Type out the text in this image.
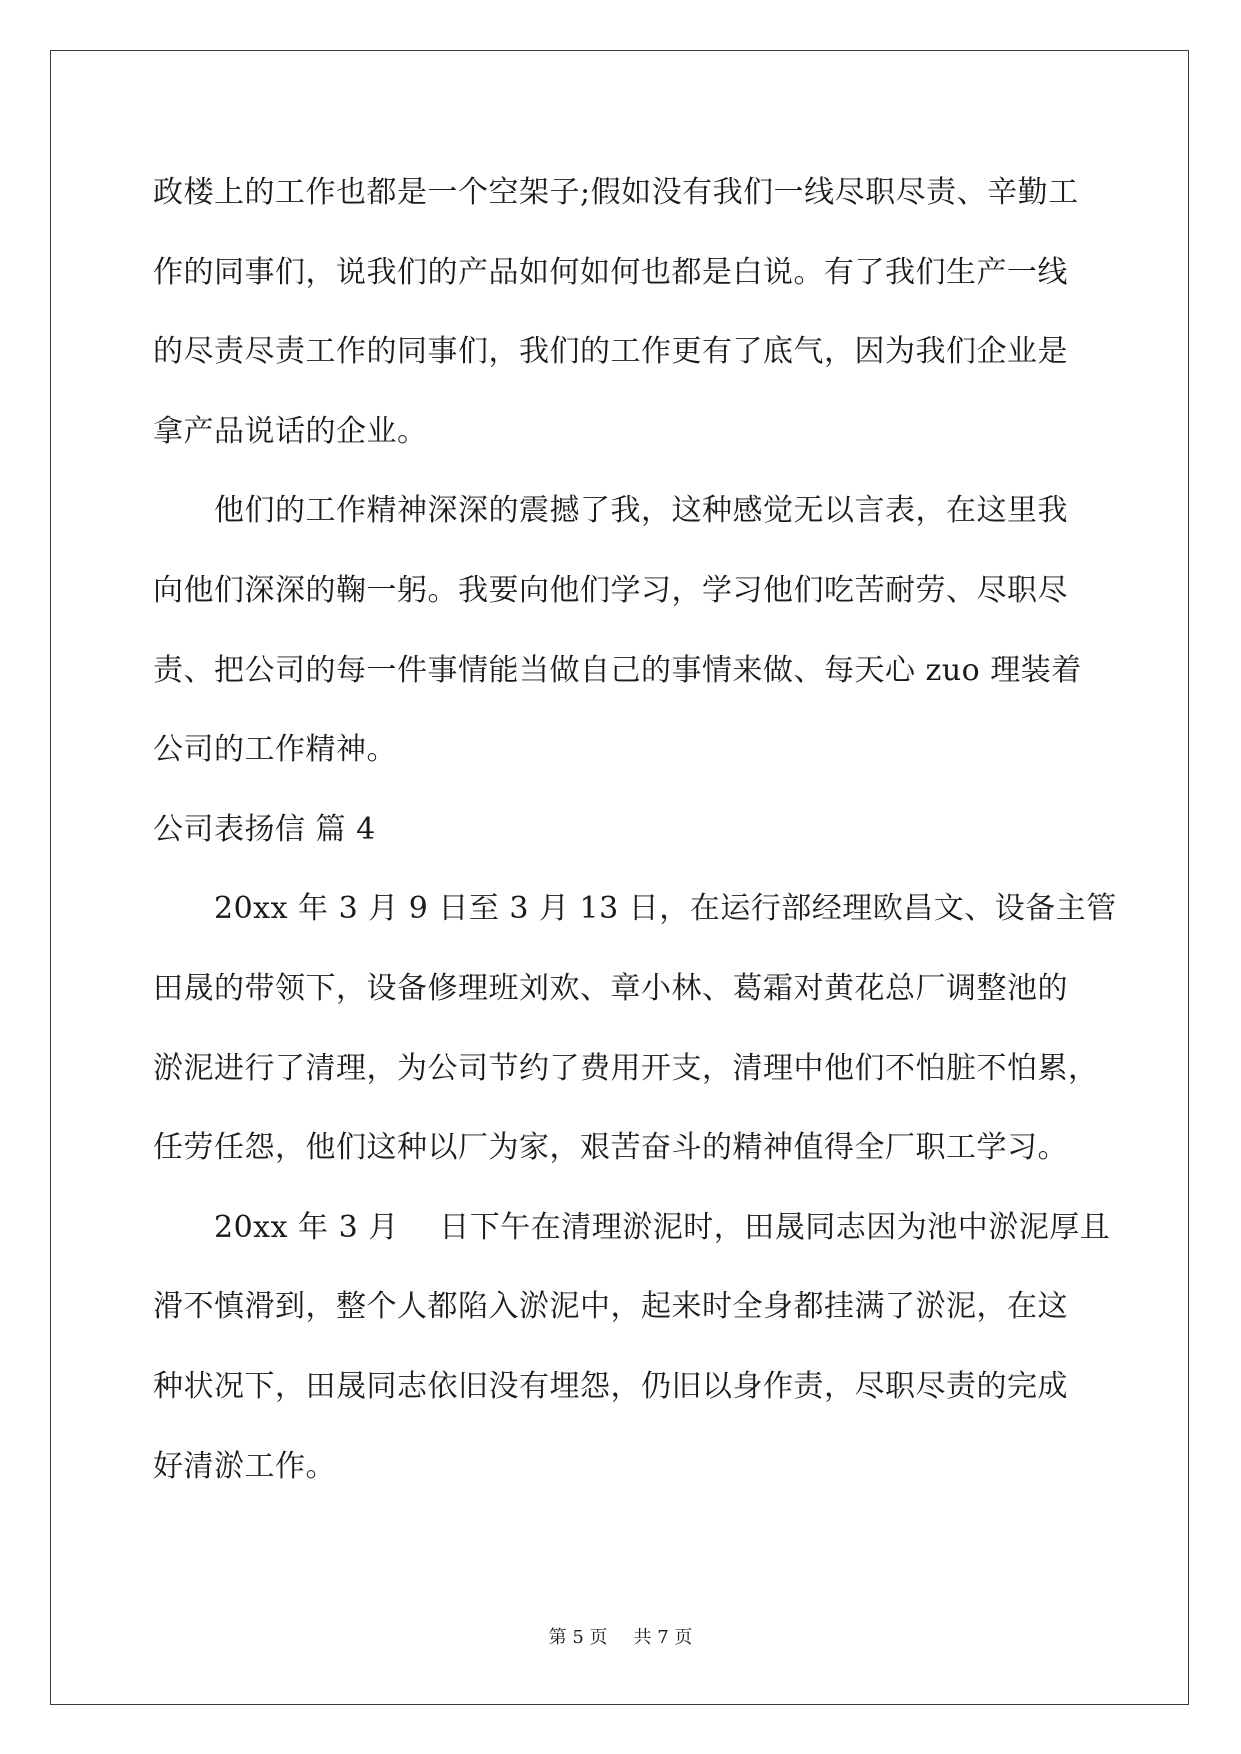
政楼上的工作也都是一个空架子;假如没有我们一线尽职尽责、辛勤工
作的同事们，说我们的产品如何如何也都是白说。有了我们生产一线
的尽责尽责工作的同事们，我们的工作更有了底气，因为我们企业是
拿产品说话的企业。
　　他们的工作精神深深的震撼了我，这种感觉无以言表，在这里我
向他们深深的鞠一躬。我要向他们学习，学习他们吃苦耐劳、尽职尽
责、把公司的每一件事情能当做自己的事情来做、每天心 zuo 理装着
公司的工作精神。
公司表扬信 篇 4
　　20xx 年 3 月 9 日至 3 月 13 日，在运行部经理欧昌文、设备主管
田晟的带领下，设备修理班刘欢、章小林、葛霜对黄花总厂调整池的
淤泥进行了清理，为公司节约了费用开支，清理中他们不怕脏不怕累，
任劳任怨，他们这种以厂为家，艰苦奋斗的精神值得全厂职工学习。
　　20xx 年 3 月　 日下午在清理淤泥时，田晟同志因为池中淤泥厚且
滑不慎滑到，整个人都陷入淤泥中，起来时全身都挂满了淤泥，在这
种状况下，田晟同志依旧没有埋怨，仍旧以身作责，尽职尽责的完成
好清淤工作。
第 5 页 共 7 页
